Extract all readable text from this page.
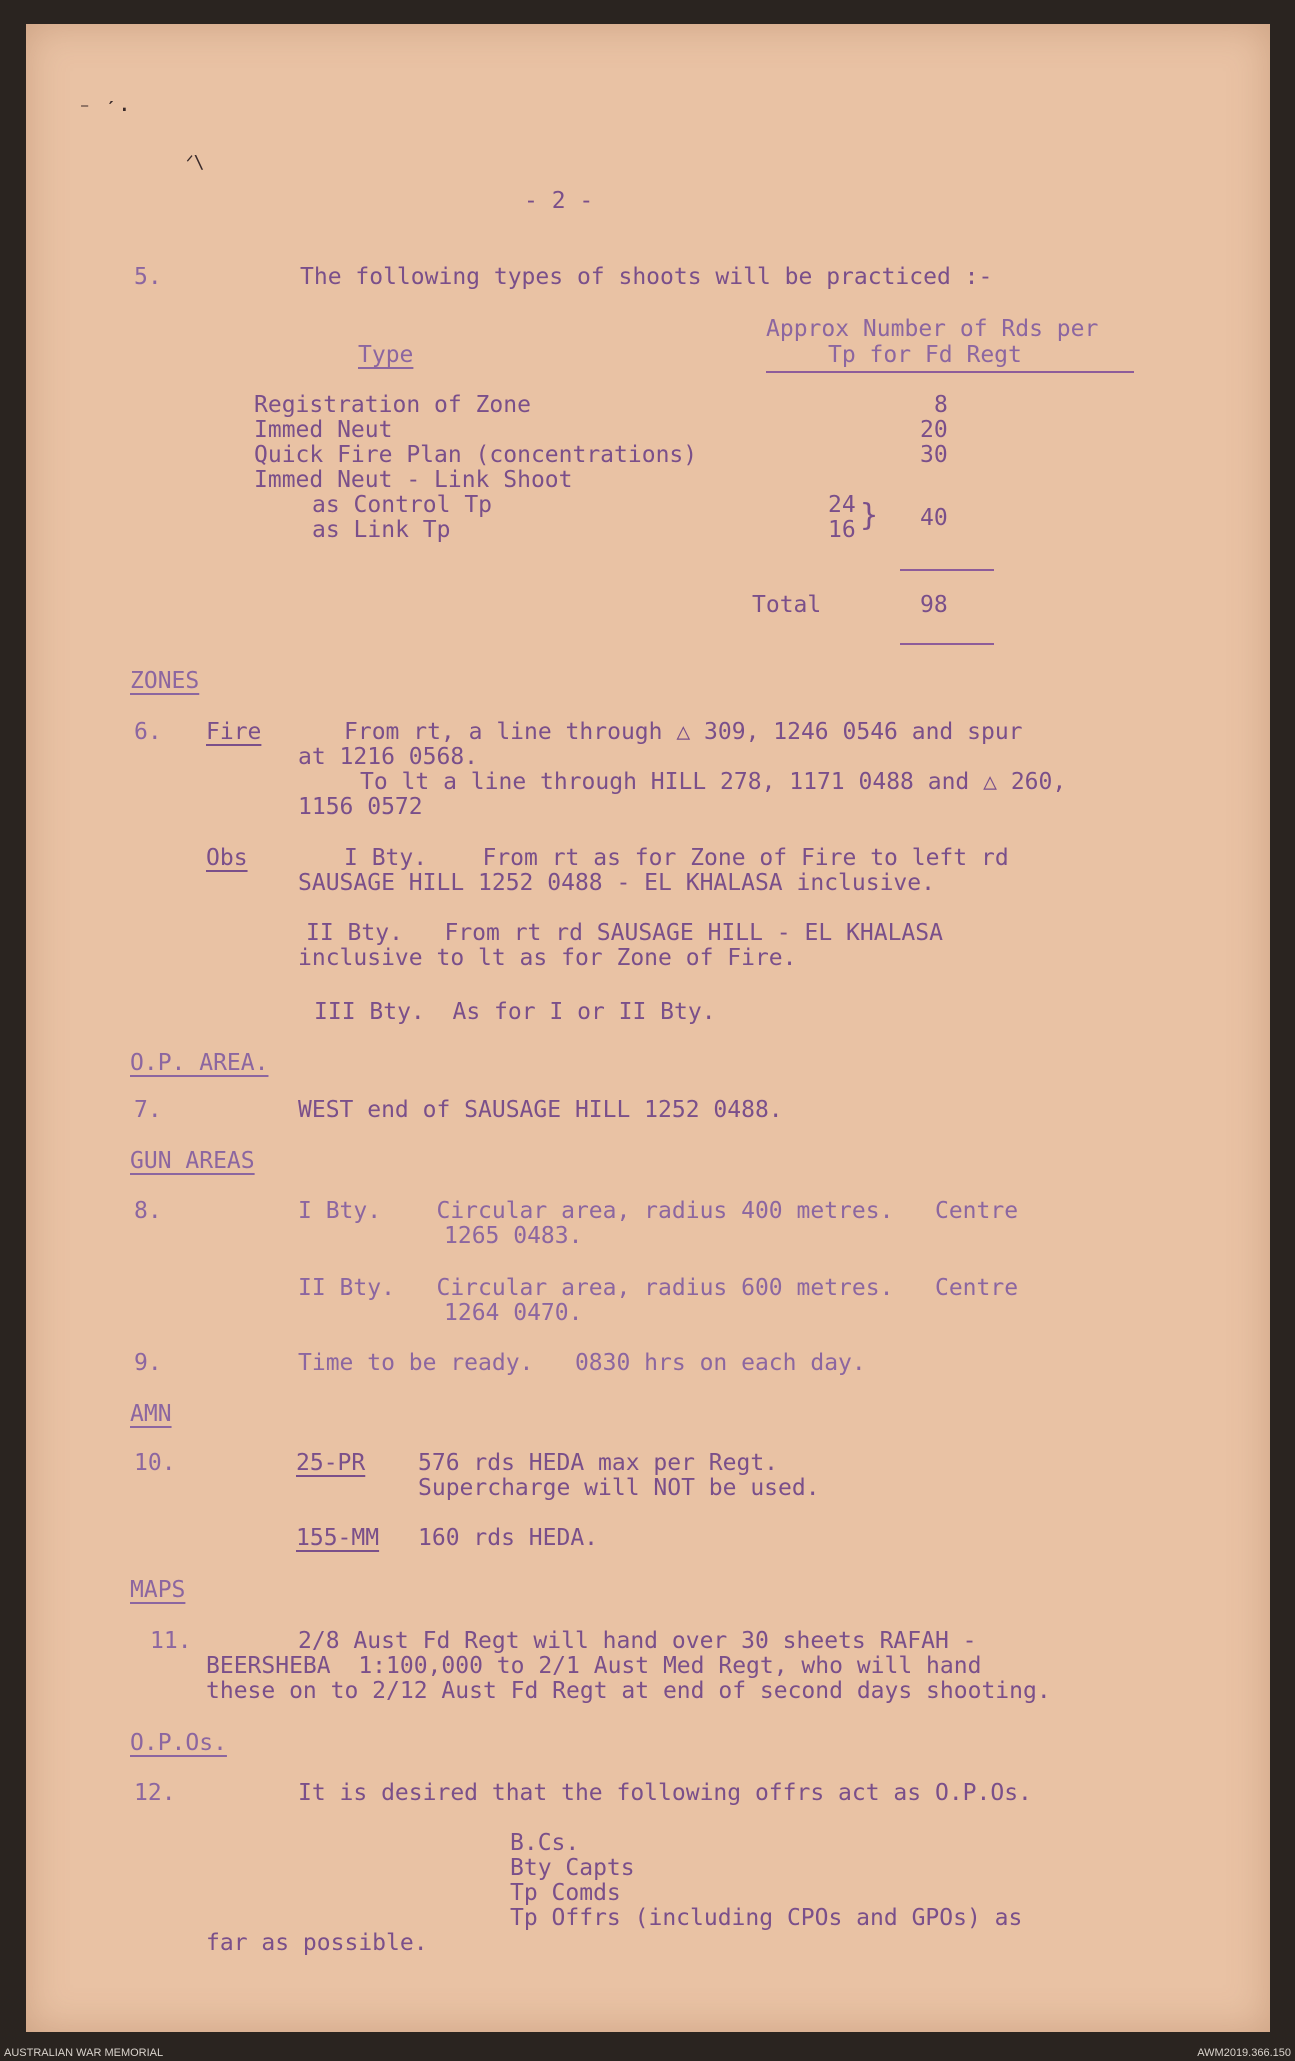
⁻ ˊ·
ᐟ\
- 2 -
5.	The following types of shoots will be practiced :-
Approx Number of Rds per
Type	Tp for Fd Regt
Registration of Zone	8
Immed Neut	20
Quick Fire Plan (concentrations)	30
Immed Neut - Link Shoot
as Control Tp	24
as Link Tp	16 } 40
Total	98
ZONES
6. Fire	From rt, a line through △ 309, 1246 0546 and spur
at 1216 0568.
To lt a line through HILL 278, 1171 0488 and △ 260,
1156 0572
Obs	I Bty.    From rt as for Zone of Fire to left rd
SAUSAGE HILL 1252 0488 - EL KHALASA inclusive.
II Bty.   From rt rd SAUSAGE HILL - EL KHALASA
inclusive to lt as for Zone of Fire.
III Bty.  As for I or II Bty.
O.P. AREA.
7.	WEST end of SAUSAGE HILL 1252 0488.
GUN AREAS
8.	I Bty.    Circular area, radius 400 metres.   Centre
1265 0483.
II Bty.   Circular area, radius 600 metres.   Centre
1264 0470.
9.	Time to be ready.   0830 hrs on each day.
AMN
10.	25-PR 576 rds HEDA max per Regt.
Supercharge will NOT be used.
155-MM 160 rds HEDA.
MAPS
11.	2/8 Aust Fd Regt will hand over 30 sheets RAFAH -
BEERSHEBA  1:100,000 to 2/1 Aust Med Regt, who will hand
these on to 2/12 Aust Fd Regt at end of second days shooting.
O.P.Os.
12.	It is desired that the following offrs act as O.P.Os.
B.Cs.
Bty Capts
Tp Comds
Tp Offrs (including CPOs and GPOs) as
far as possible.
AUSTRALIAN WAR MEMORIAL	AWM2019.366.150
